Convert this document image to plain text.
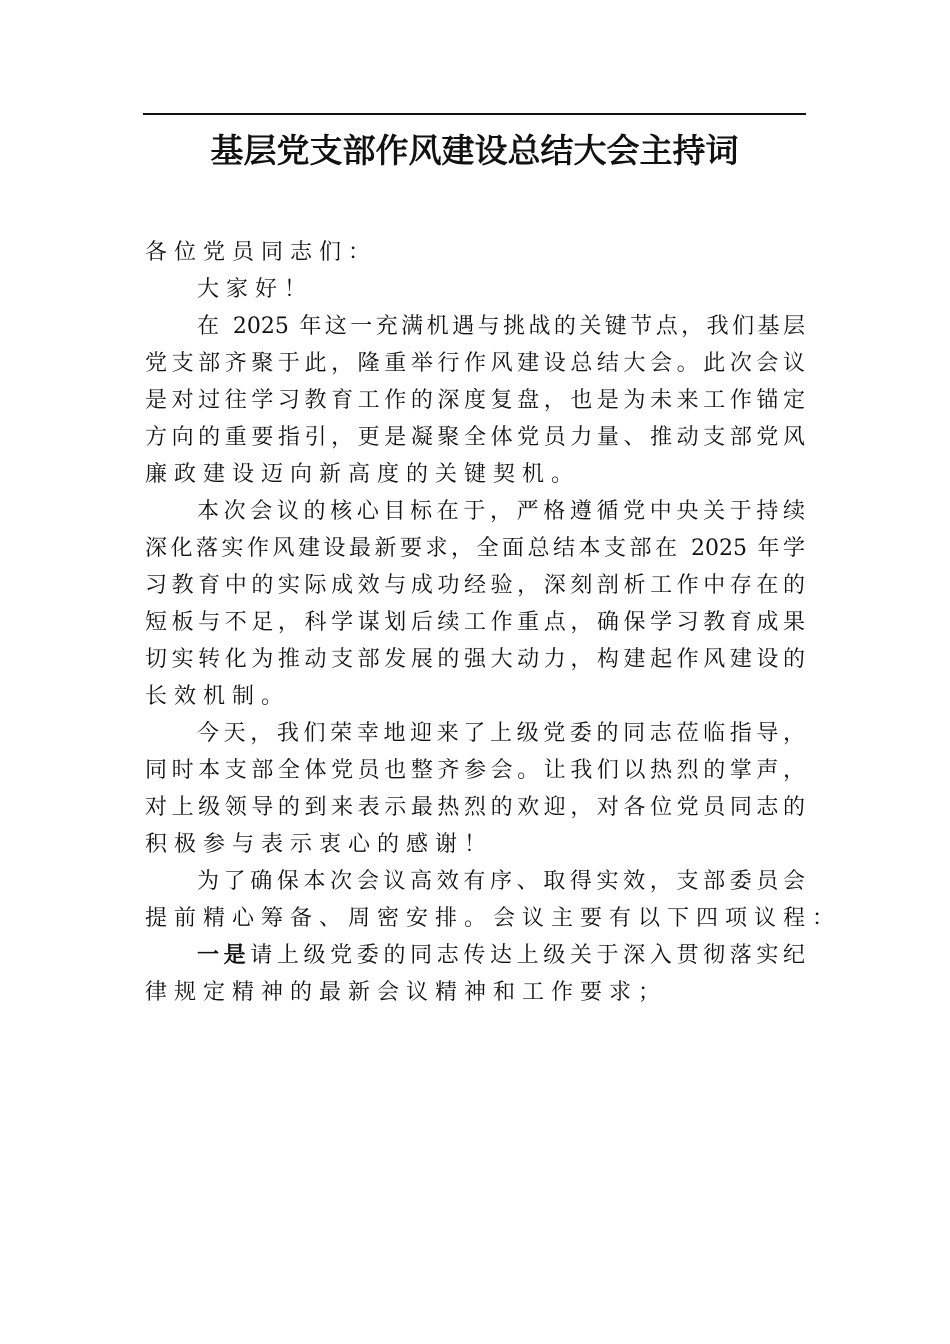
基层党支部作风建设总结大会主持词
各位党员同志们：
大家好！
在 2025 年这一充满机遇与挑战的关键节点，我们基层
党支部齐聚于此，隆重举行作风建设总结大会。此次会议
是对过往学习教育工作的深度复盘，也是为未来工作锚定
方向的重要指引，更是凝聚全体党员力量、推动支部党风
廉政建设迈向新高度的关键契机。
本次会议的核心目标在于，严格遵循党中央关于持续
深化落实作风建设最新要求，全面总结本支部在 2025 年学
习教育中的实际成效与成功经验，深刻剖析工作中存在的
短板与不足，科学谋划后续工作重点，确保学习教育成果
切实转化为推动支部发展的强大动力，构建起作风建设的
长效机制。
今天，我们荣幸地迎来了上级党委的同志莅临指导，
同时本支部全体党员也整齐参会。让我们以热烈的掌声，
对上级领导的到来表示最热烈的欢迎，对各位党员同志的
积极参与表示衷心的感谢！
为了确保本次会议高效有序、取得实效，支部委员会
提前精心筹备、周密安排。会议主要有以下四项议程：
一是请上级党委的同志传达上级关于深入贯彻落实纪
律规定精神的最新会议精神和工作要求；
